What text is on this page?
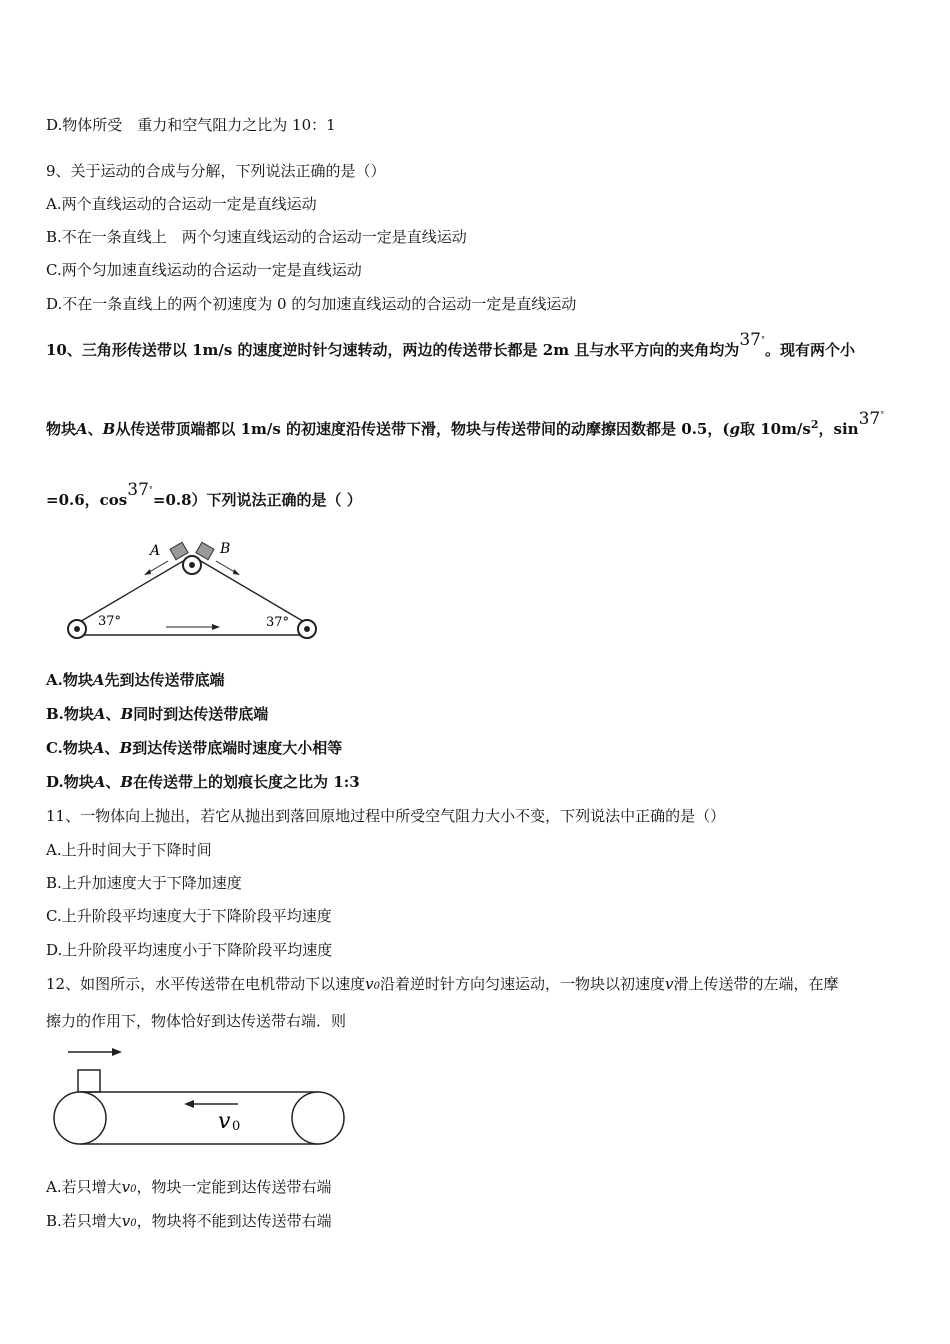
D.物体所受　重力和空气阻力之比为 10：1
9、关于运动的合成与分解，下列说法正确的是（）
A.两个直线运动的合运动一定是直线运动
B.不在一条直线上　两个匀速直线运动的合运动一定是直线运动
C.两个匀加速直线运动的合运动一定是直线运动
D.不在一条直线上的两个初速度为 0 的匀加速直线运动的合运动一定是直线运动
10、三角形传送带以 1m/s 的速度逆时针匀速转动，两边的传送带长都是 2m 且与水平方向的夹角均为37°。现有两个小
物块A、B从传送带顶端都以 1m/s 的初速度沿传送带下滑，物块与传送带间的动摩擦因数都是 0.5，(g取 $10m/s^2$，sin37°
=0.6，cos37°=0.8）下列说法正确的是（ ）
A	B
37°	37°
A.物块A先到达传送带底端
B.物块A、B同时到达传送带底端
C.物块A、B到达传送带底端时速度大小相等
D.物块A、B在传送带上的划痕长度之比为 1:3
11、一物体向上抛出，若它从抛出到落回原地过程中所受空气阻力大小不变，下列说法中正确的是（）
A.上升时间大于下降时间
B.上升加速度大于下降加速度
C.上升阶段平均速度大于下降阶段平均速度
D.上升阶段平均速度小于下降阶段平均速度
12、如图所示，水平传送带在电机带动下以速度v0沿着逆时针方向匀速运动，一物块以初速度v滑上传送带的左端，在摩
擦力的作用下，物体恰好到达传送带右端．则
v 0
A.若只增大v0，物块一定能到达传送带右端
B.若只增大v0，物块将不能到达传送带右端
